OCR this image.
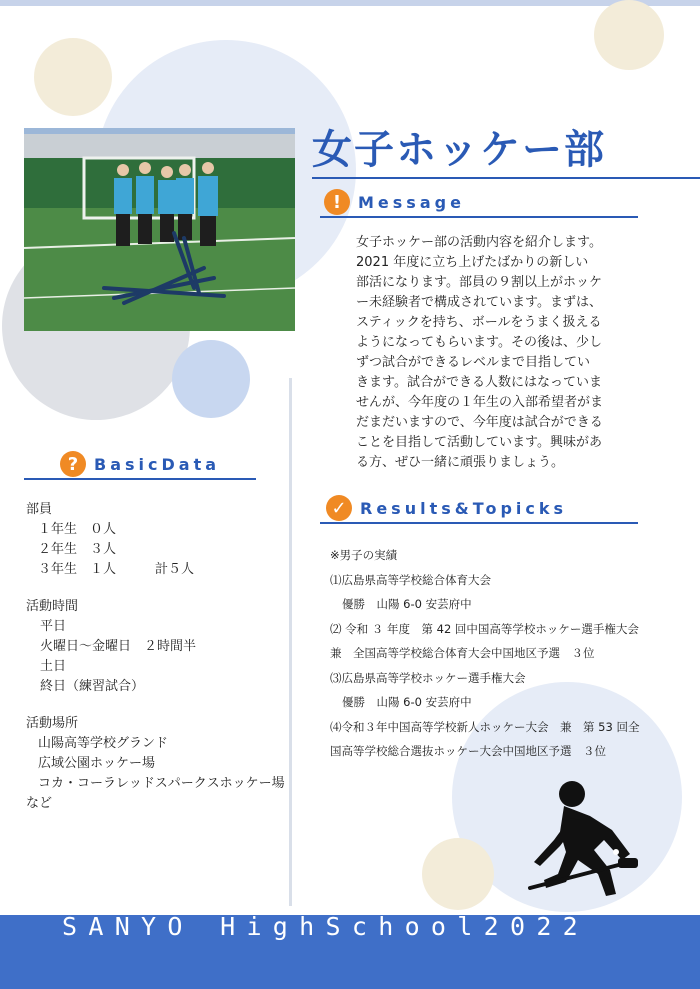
女子ホッケー部
!	Message
女子ホッケー部の活動内容を紹介します。
2021 年度に立ち上げたばかりの新しい
部活になります。部員の９割以上がホッケ
ー未経験者で構成されています。まずは、
スティックを持ち、ボールをうまく扱える
ようになってもらいます。その後は、少し
ずつ試合ができるレベルまで目指してい
きます。試合ができる人数にはなっていま
せんが、今年度の１年生の入部希望者がま
だまだいますので、今年度は試合ができる
ことを目指して活動しています。興味があ
る方、ぜひ一緒に頑張りましょう。
? BasicData
部員
１年生　０人
２年生　３人
３年生　１人　　　計５人
活動時間
平日
火曜日～金曜日　２時間半
土日
終日（練習試合）
活動場所
山陽高等学校グランド
広域公園ホッケー場
コカ・コーラレッドスパークスホッケー場
など
✓ Results&Topicks
※男子の実績
⑴広島県高等学校総合体育大会
優勝　山陽 6-0 安芸府中
⑵ 令和 ３ 年度　第 42 回中国高等学校ホッケー選手権大会
兼　全国高等学校総合体育大会中国地区予選　３位
⑶広島県高等学校ホッケー選手権大会
優勝　山陽 6-0 安芸府中
⑷令和３年中国高等学校新人ホッケー大会　兼　第 53 回全
国高等学校総合選抜ホッケー大会中国地区予選　３位
SANYO HighSchool2022
